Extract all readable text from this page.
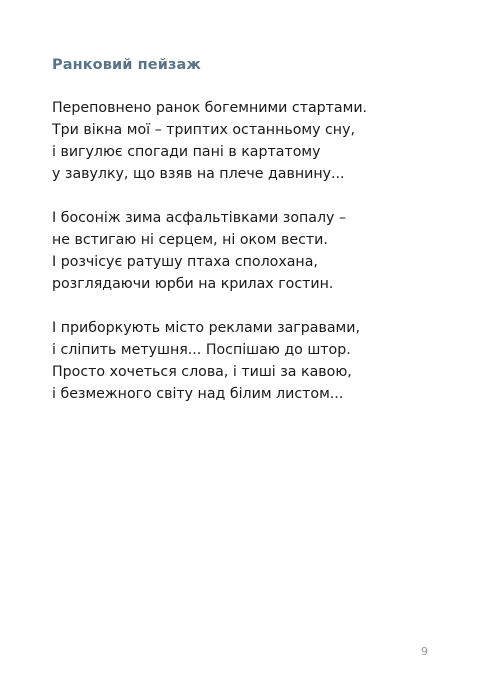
Ранковий пейзаж
Переповнено ранок богемними стартами.
Три вікна мої – триптих останньому сну,
і вигулює спогади пані в картатому
у завулку, що взяв на плече давнину...
І босоніж зима асфальтівками зопалу –
не встигаю ні серцем, ні оком вести.
І розчісує ратушу птаха сполохана,
розглядаючи юрби на крилах гостин.
І приборкують місто реклами загравами,
і сліпить метушня... Поспішаю до штор.
Просто хочеться слова, і тиші за кавою,
і безмежного світу над білим листом...
9
